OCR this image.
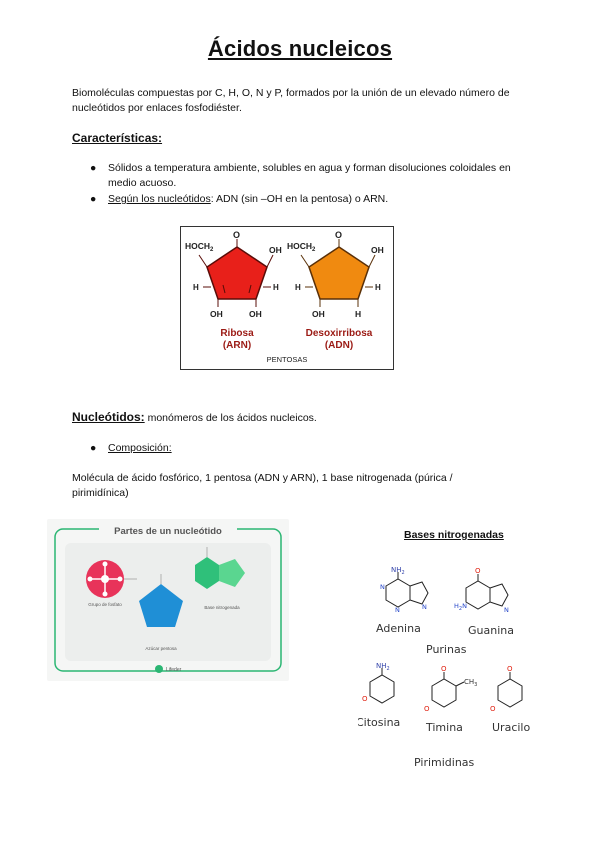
Ácidos nucleicos
Biomoléculas compuestas por C, H, O, N y P, formados por la unión de un elevado número de nucleótidos por enlaces fosfodiéster.
Características:
● Sólidos a temperatura ambiente, solubles en agua y forman disoluciones coloidales en medio acuoso.
● Según los nucleótidos: ADN (sin –OH en la pentosa) o ARN.
$HOCH_2$
O
OH
H	H
OH	OH
Ribosa
(ARN)
$HOCH_2$
O
OH
H	H
OH	H
Desoxirribosa
(ADN)
PENTOSAS
Nucleótidos: monómeros de los ácidos nucleicos.
● Composición:
Molécula de ácido fosfórico, 1 pentosa (ADN y ARN), 1 base nitrogenada (púrica / pirimidínica)
Partes de un nucleótido
Grupo de fosfato
Azúcar pentosa
Base nitrogenada
Lifeder
Bases nitrogenadas
$NH_2$
N
N	N
Adenina
O
$H_2N$	N
Guanina
Purinas
$NH_2$
O
Citosina
O
$CH_3$
O
Timina
O
O
Uracilo
Pirimidinas
